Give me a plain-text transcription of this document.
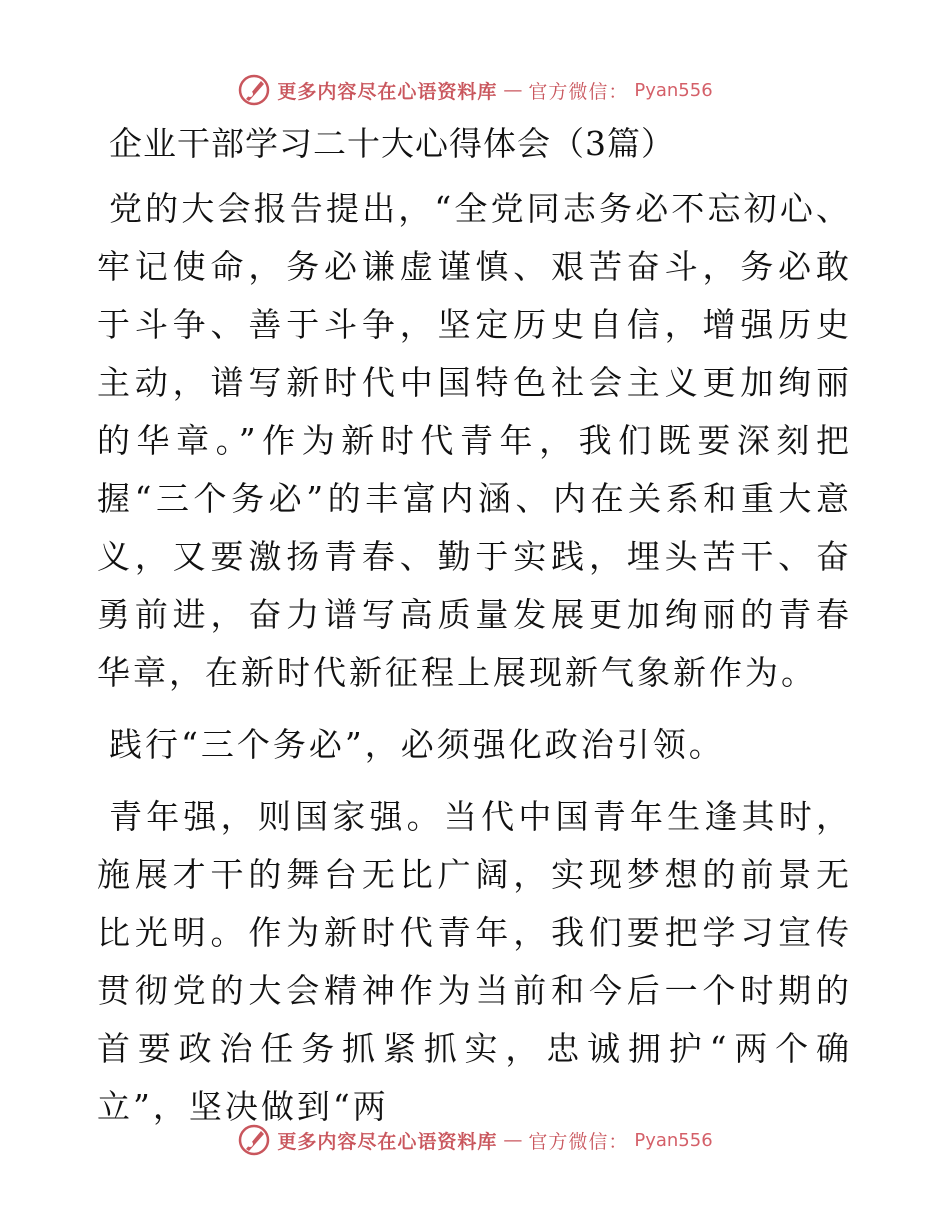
更多内容尽在心语资料库 — 官方微信： Pyan556
企业干部学习二十大心得体会（3篇）

党的大会报告提出，“全党同志务必不忘初心、牢记使命，务必谦虚谨慎、艰苦奋斗，务必敢于斗争、善于斗争，坚定历史自信，增强历史主动，谱写新时代中国特色社会主义更加绚丽的华章。”作为新时代青年，我们既要深刻把握“三个务必”的丰富内涵、内在关系和重大意义，又要激扬青春、勤于实践，埋头苦干、奋勇前进，奋力谱写高质量发展更加绚丽的青春华章，在新时代新征程上展现新气象新作为。

践行“三个务必”，必须强化政治引领。

青年强，则国家强。当代中国青年生逢其时，施展才干的舞台无比广阔，实现梦想的前景无比光明。作为新时代青年，我们要把学习宣传贯彻党的大会精神作为当前和今后一个时期的首要政治任务抓紧抓实，忠诚拥护“两个确立”，坚决做到“两

更多内容尽在心语资料库 — 官方微信： Pyan556
